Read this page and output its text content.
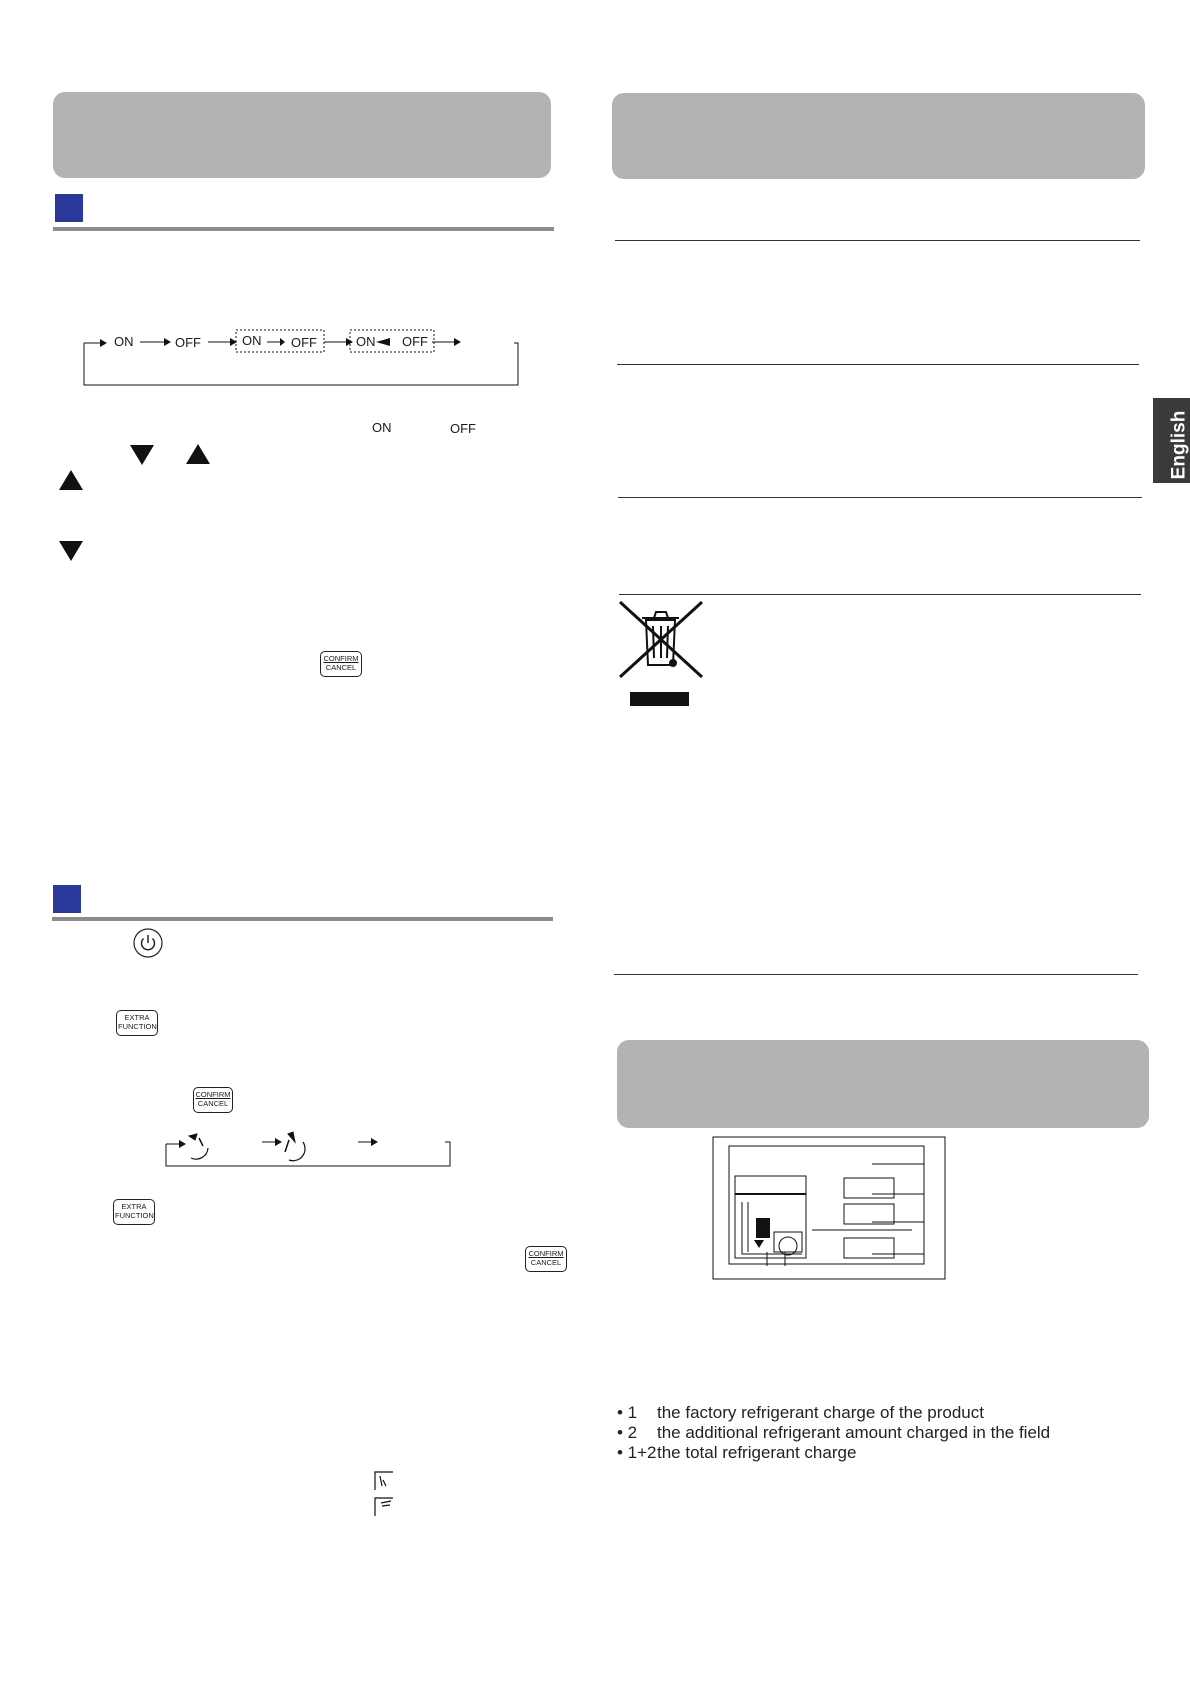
ON	OFF	ON OFF	ON OFF
ON	OFF
CONFIRM
CANCEL
EXTRA
FUNCTION
CONFIRM
CANCEL
EXTRA
FUNCTION
CONFIRM
CANCEL
• 1	the factory refrigerant charge of the product
• 2	the additional refrigerant amount charged in the field
• 1+2 the total refrigerant charge
English
